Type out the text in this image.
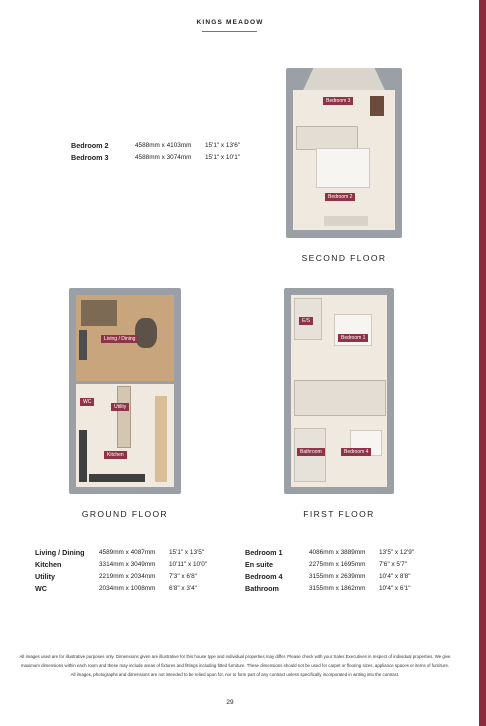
KINGS MEADOW
Bedroom 2	4588mm x 4103mm	15'1" x 13'6"
Bedroom 3	4588mm x 3074mm	15'1" x 10'1"
Bedroom 3
Bedroom 2
SECOND FLOOR
Living / Dining
WC
Utility
Kitchen
GROUND FLOOR
E/S
Bedroom 1
Bathroom	Bedroom 4
FIRST FLOOR
Living / Dining	4589mm x 4087mm	15'1" x 13'5"
Kitchen	3314mm x 3049mm	10'11" x 10'0"
Utility	2219mm x 2034mm	7'3" x 6'8"
WC	2034mm x 1008mm	6'8" x 3'4"
Bedroom 1	4086mm x 3889mm	13'5" x 12'9"
En suite	2275mm x 1695mm	7'6" x 5'7"
Bedroom 4	3155mm x 2639mm	10'4" x 8'8"
Bathroom	3155mm x 1862mm	10'4" x 6'1"
All images used are for illustrative purposes only. Dimensions given are illustrative for this house type and individual properties may differ. Please check with your Sales Executives in respect of individual properties. We give maximum dimensions within each room and these may include areas of fixtures and fittings including fitted furniture. These dimensions should not be used for carpet or flooring sizes, appliance spaces or items of furniture. All images, photographs and dimensions are not intended to be relied upon for, nor to form part of any contract unless specifically incorporated in writing into the contract.
29
